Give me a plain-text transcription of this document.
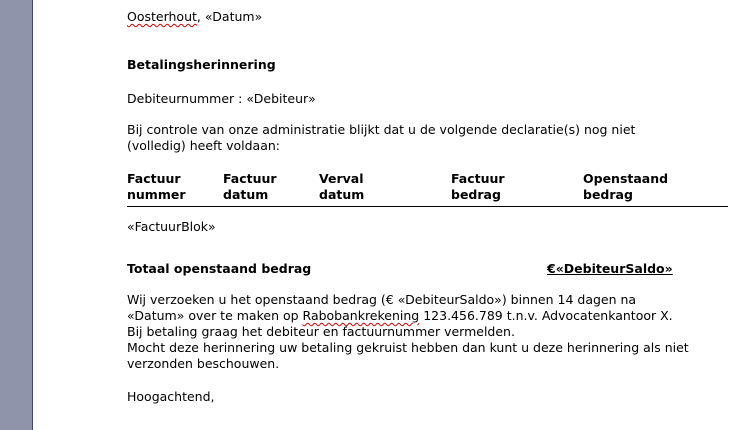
Oosterhout, «Datum»
Betalingsherinnering
Debiteurnummer : «Debiteur»
Bij controle van onze administratie blijkt dat u de volgende declaratie(s) nog niet
(volledig) heeft voldaan:
Factuur
nummer
Factuur
datum
Verval
datum
Factuur
bedrag
Openstaand
bedrag
«FactuurBlok»
Totaal openstaand bedrag	€«DebiteurSaldo»
Wij verzoeken u het openstaand bedrag (€ «DebiteurSaldo») binnen 14 dagen na
«Datum» over te maken op Rabobankrekening 123.456.789 t.n.v. Advocatenkantoor X.
Bij betaling graag het debiteur en factuurnummer vermelden.
Mocht deze herinnering uw betaling gekruist hebben dan kunt u deze herinnering als niet
verzonden beschouwen.
Hoogachtend,
